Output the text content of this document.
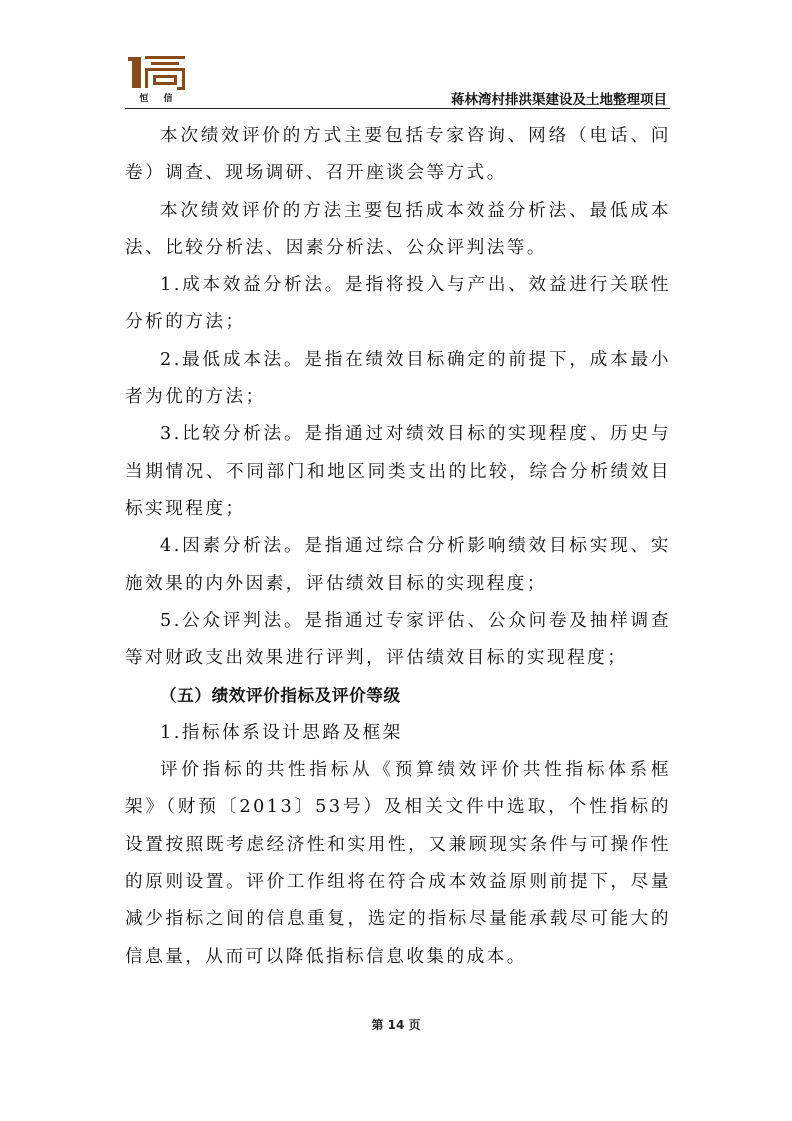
恒 信	蒋林湾村排洪渠建设及土地整理项目

本次绩效评价的方式主要包括专家咨询、网络（电话、问卷）调查、现场调研、召开座谈会等方式。

本次绩效评价的方法主要包括成本效益分析法、最低成本法、比较分析法、因素分析法、公众评判法等。

1.成本效益分析法。是指将投入与产出、效益进行关联性分析的方法；

2.最低成本法。是指在绩效目标确定的前提下，成本最小者为优的方法；

3.比较分析法。是指通过对绩效目标的实现程度、历史与当期情况、不同部门和地区同类支出的比较，综合分析绩效目标实现程度；

4.因素分析法。是指通过综合分析影响绩效目标实现、实施效果的内外因素，评估绩效目标的实现程度；

5.公众评判法。是指通过专家评估、公众问卷及抽样调查等对财政支出效果进行评判，评估绩效目标的实现程度；

（五）绩效评价指标及评价等级

1.指标体系设计思路及框架

评价指标的共性指标从《预算绩效评价共性指标体系框架》（财预〔2013〕53号）及相关文件中选取，个性指标的设置按照既考虑经济性和实用性，又兼顾现实条件与可操作性的原则设置。评价工作组将在符合成本效益原则前提下，尽量减少指标之间的信息重复，选定的指标尽量能承载尽可能大的信息量，从而可以降低指标信息收集的成本。

第 14 页
